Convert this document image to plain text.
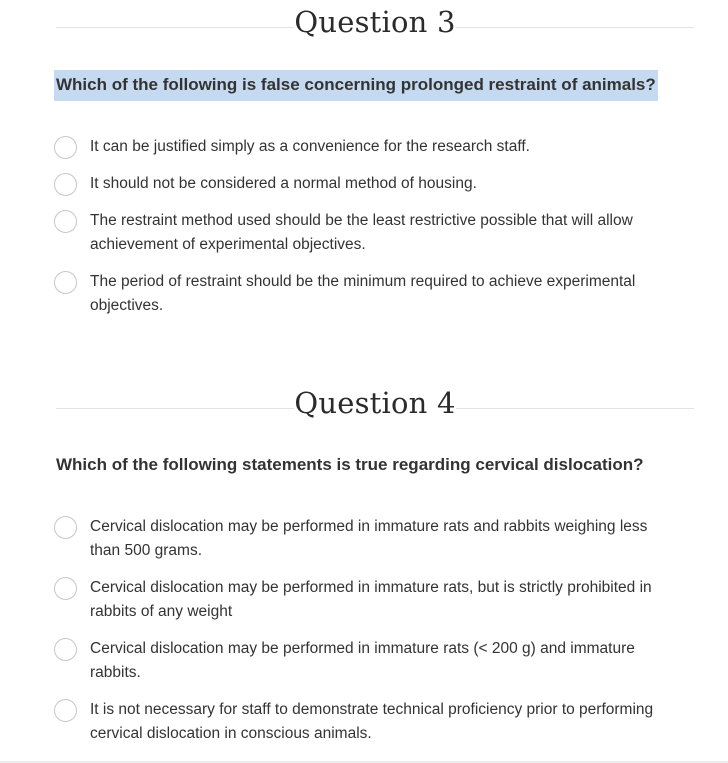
Question 3
Which of the following is false concerning prolonged restraint of animals?
It can be justified simply as a convenience for the research staff.
It should not be considered a normal method of housing.
The restraint method used should be the least restrictive possible that will allow achievement of experimental objectives.
The period of restraint should be the minimum required to achieve experimental objectives.
Question 4
Which of the following statements is true regarding cervical dislocation?
Cervical dislocation may be performed in immature rats and rabbits weighing less than 500 grams.
Cervical dislocation may be performed in immature rats, but is strictly prohibited in rabbits of any weight
Cervical dislocation may be performed in immature rats (< 200 g) and immature rabbits.
It is not necessary for staff to demonstrate technical proficiency prior to performing cervical dislocation in conscious animals.
